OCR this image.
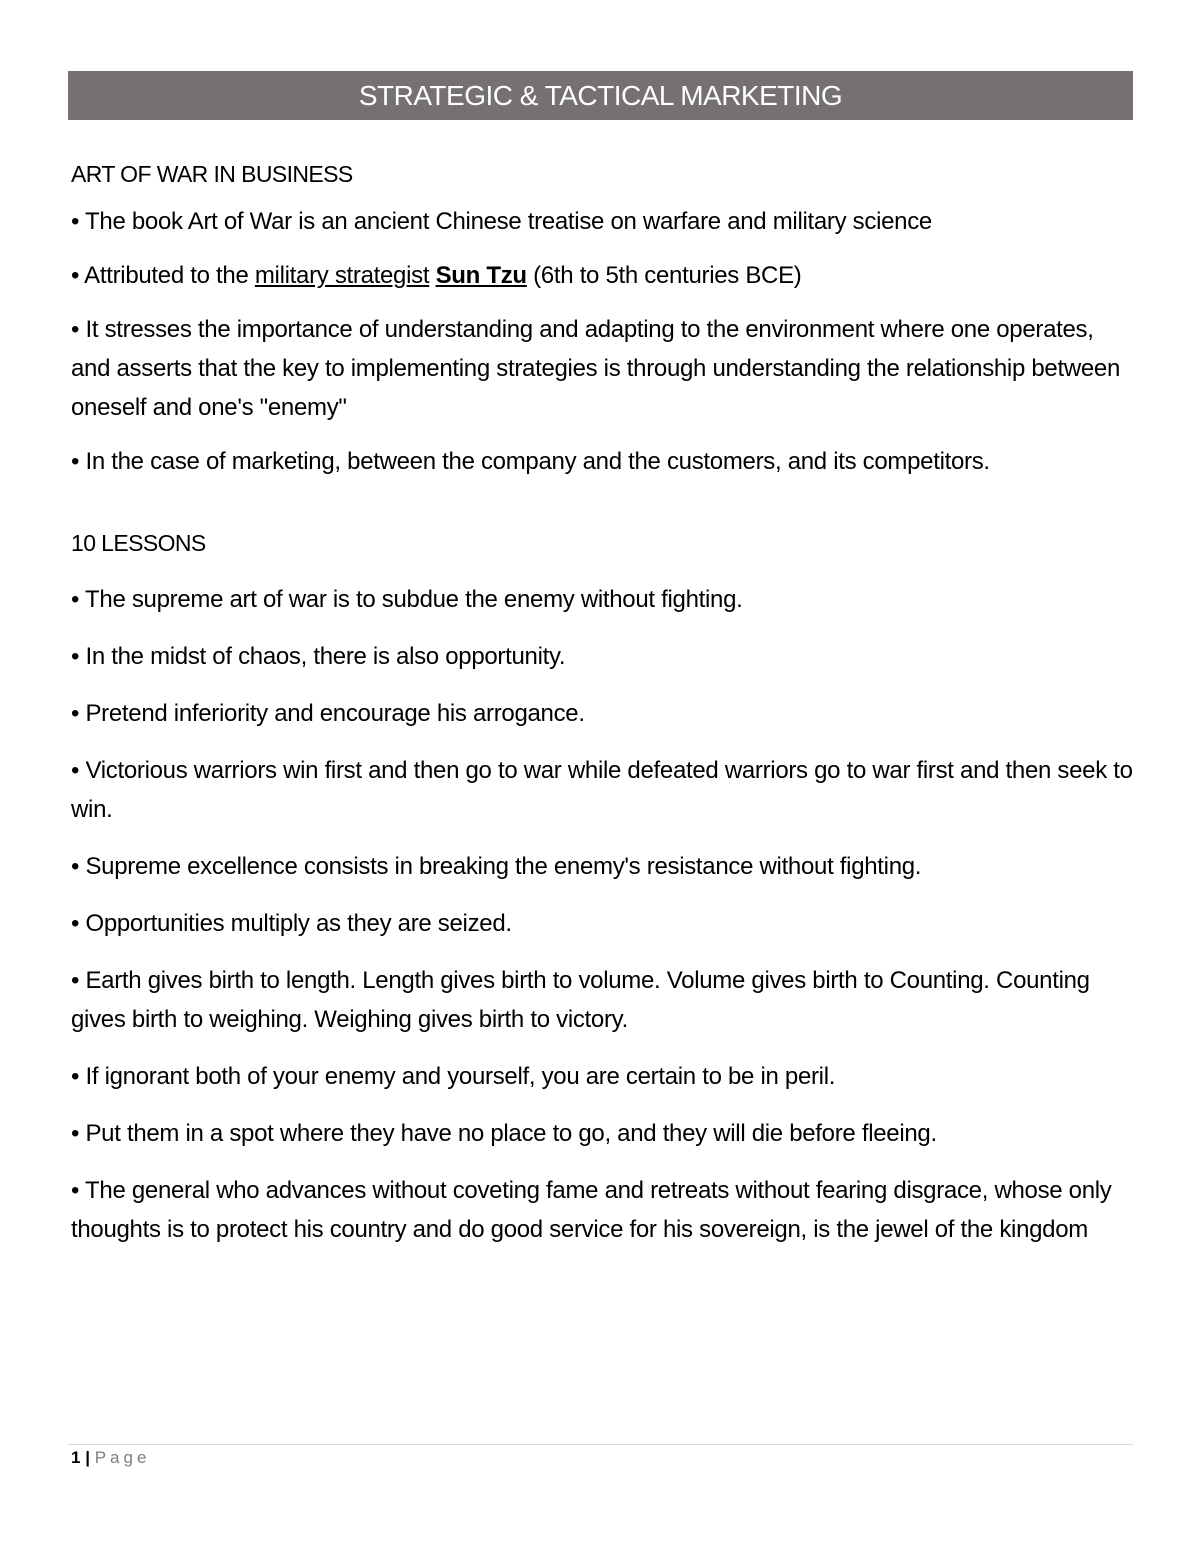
STRATEGIC & TACTICAL MARKETING

ART OF WAR IN BUSINESS

• The book Art of War is an ancient Chinese treatise on warfare and military science

• Attributed to the military strategist Sun Tzu (6th to 5th centuries BCE)

• It stresses the importance of understanding and adapting to the environment where one operates, and asserts that the key to implementing strategies is through understanding the relationship between oneself and one's "enemy"

• In the case of marketing, between the company and the customers, and its competitors.

10 LESSONS

• The supreme art of war is to subdue the enemy without fighting.

• In the midst of chaos, there is also opportunity.

• Pretend inferiority and encourage his arrogance.

• Victorious warriors win first and then go to war while defeated warriors go to war first and then seek to win.

• Supreme excellence consists in breaking the enemy's resistance without fighting.

• Opportunities multiply as they are seized.

• Earth gives birth to length. Length gives birth to volume. Volume gives birth to Counting. Counting gives birth to weighing. Weighing gives birth to victory.

• If ignorant both of your enemy and yourself, you are certain to be in peril.

• Put them in a spot where they have no place to go, and they will die before fleeing.

• The general who advances without coveting fame and retreats without fearing disgrace, whose only thoughts is to protect his country and do good service for his sovereign, is the jewel of the kingdom

1 | Page
